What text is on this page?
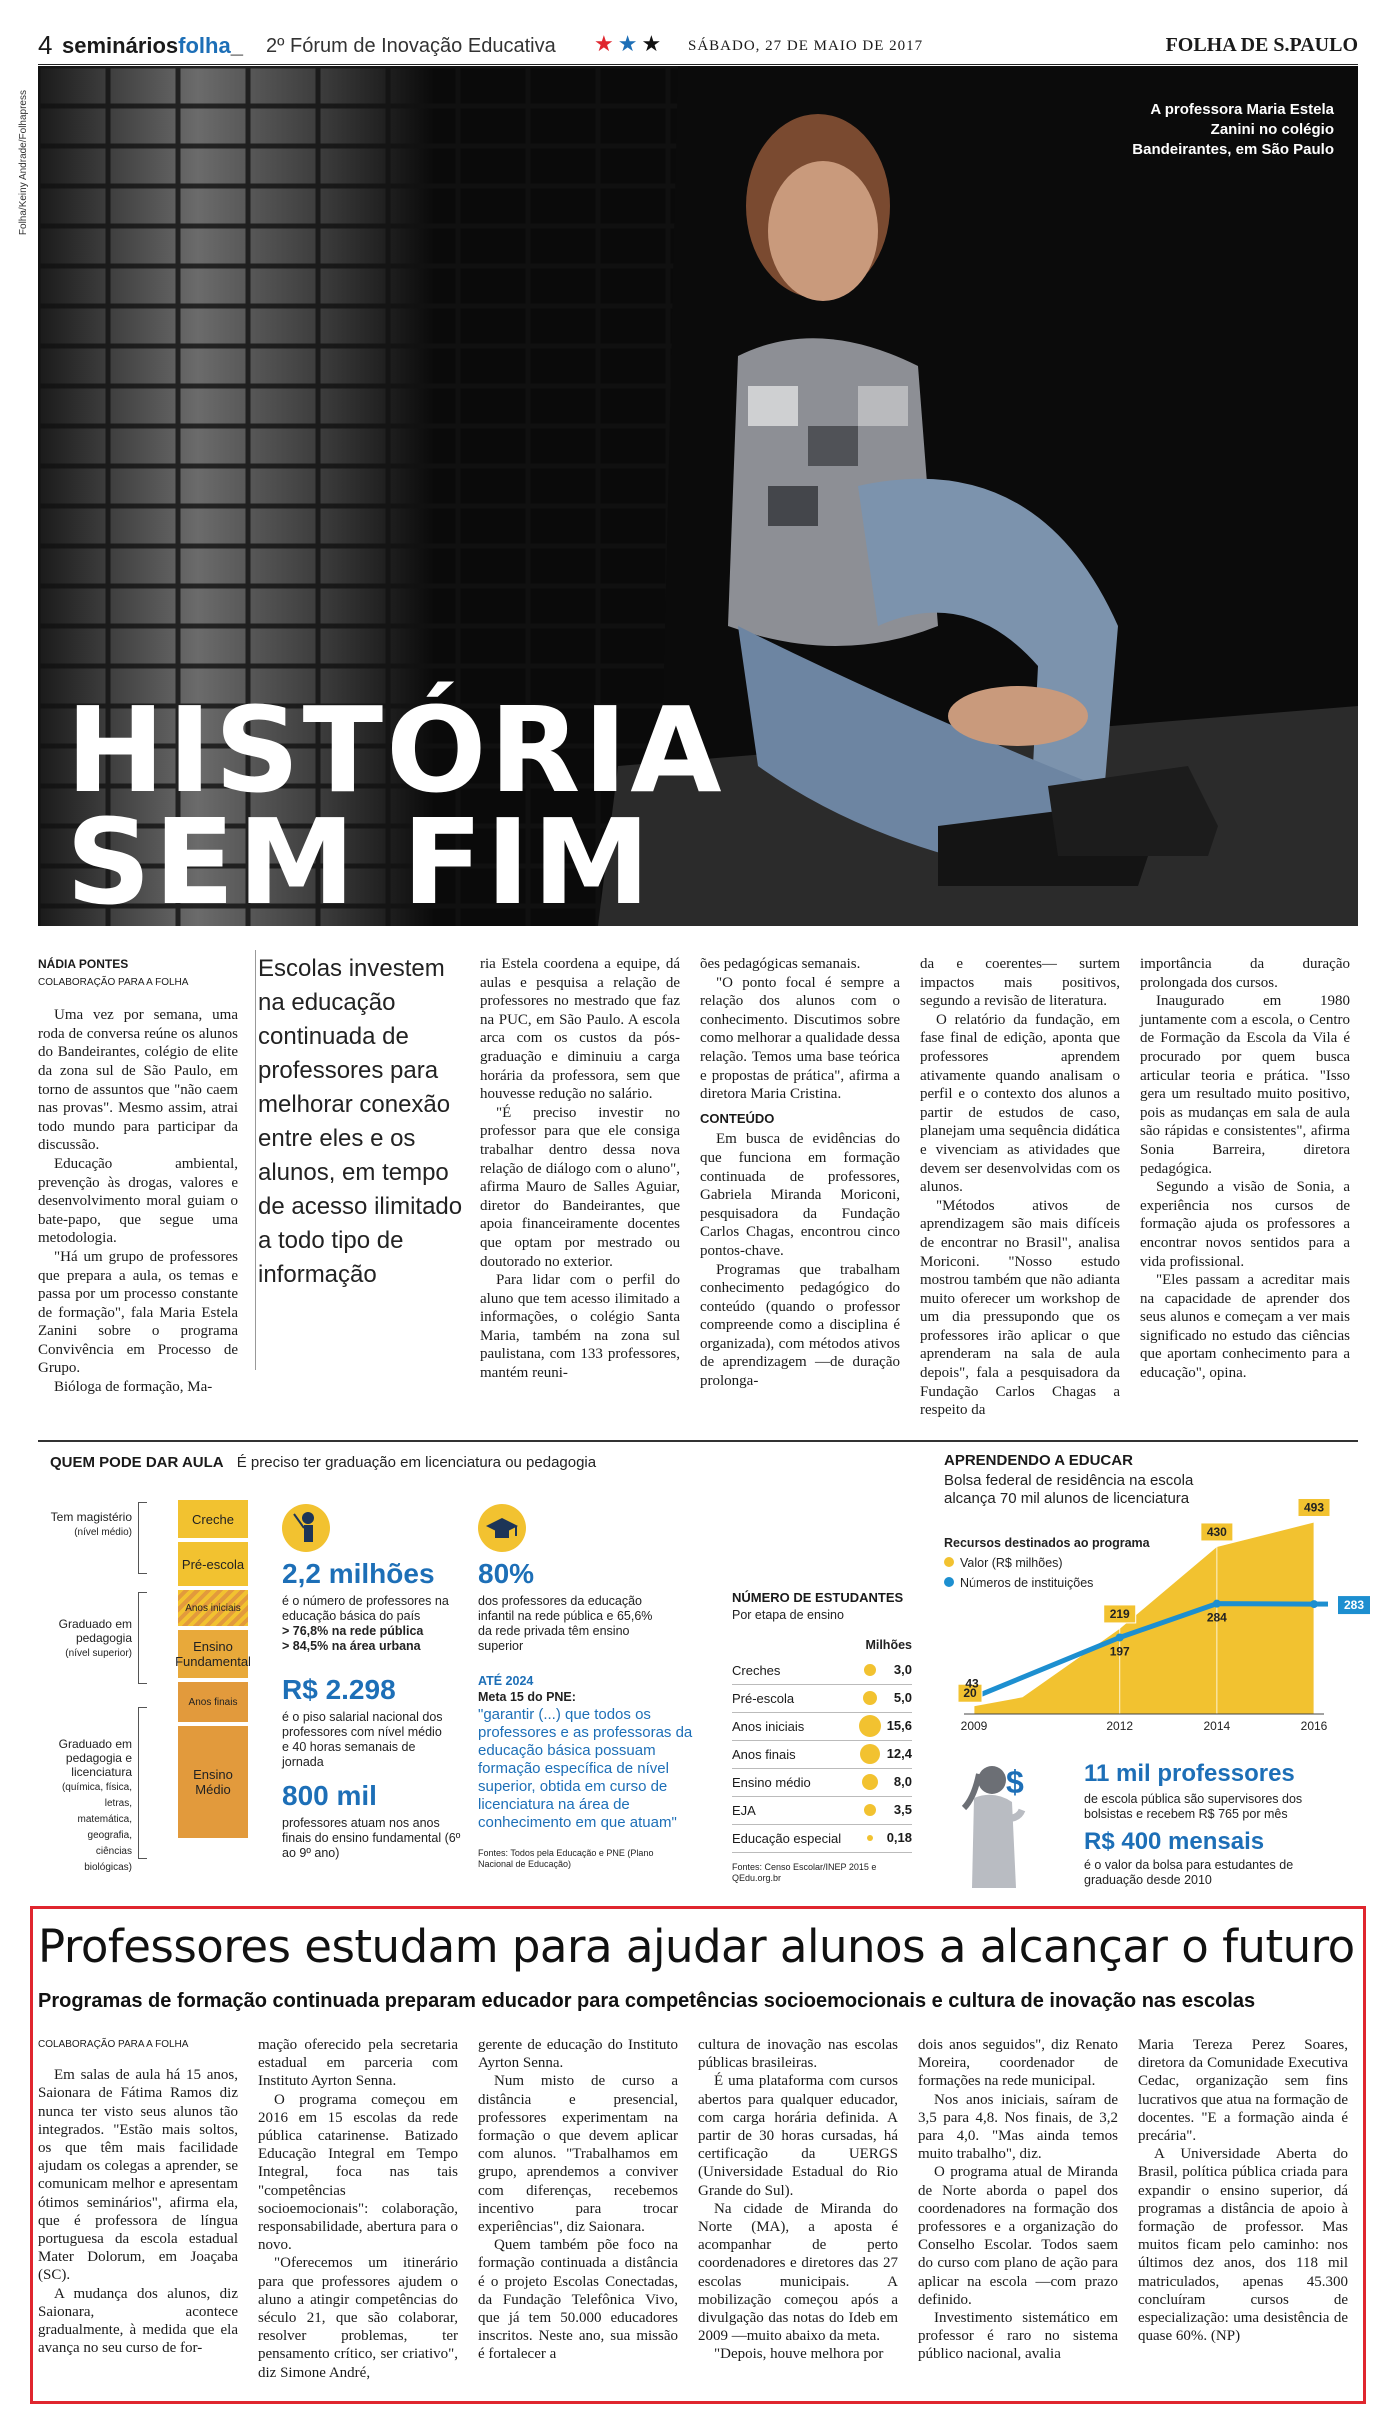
4 semináriosfolha_ 2º Fórum de Inovação Educativa ★★★ SÁBADO, 27 DE MAIO DE 2017	FOLHA DE S.PAULO
Folha/Keiny Andrade/Folhapress	A professora Maria Estela Zanini no colégio Bandeirantes, em São Paulo
HISTÓRIA
SEM FIM
NÁDIA PONTES
COLABORAÇÃO PARA A FOLHA

Uma vez por semana, uma roda de conversa reúne os alunos do Bandeirantes, colégio de elite da zona sul de São Paulo, em torno de assuntos que "não caem nas provas". Mesmo assim, atrai todo mundo para participar da discussão.

Educação ambiental, prevenção às drogas, valores e desenvolvimento moral guiam o bate-papo, que segue uma metodologia.

"Há um grupo de professores que prepara a aula, os temas e passa por um processo constante de formação", fala Maria Estela Zanini sobre o programa Convivência em Processo de Grupo.

Bióloga de formação, Ma-

Escolas investem na educação continuada de professores para melhorar conexão entre eles e os alunos, em tempo de acesso ilimitado a todo tipo de informação

ria Estela coordena a equipe, dá aulas e pesquisa a relação de professores no mestrado que faz na PUC, em São Paulo. A escola arca com os custos da pós-graduação e diminuiu a carga horária da professora, sem que houvesse redução no salário.

"É preciso investir no professor para que ele consiga trabalhar dentro dessa nova relação de diálogo com o aluno", afirma Mauro de Salles Aguiar, diretor do Bandeirantes, que apoia financeiramente docentes que optam por mestrado ou doutorado no exterior.

Para lidar com o perfil do aluno que tem acesso ilimitado a informações, o colégio Santa Maria, também na zona sul paulistana, com 133 professores, mantém reuni-

ões pedagógicas semanais.

"O ponto focal é sempre a relação dos alunos com o conhecimento. Discutimos sobre como melhorar a qualidade dessa relação. Temos uma base teórica e propostas de prática", afirma a diretora Maria Cristina.

CONTEÚDO

Em busca de evidências do que funciona em formação continuada de professores, Gabriela Miranda Moriconi, pesquisadora da Fundação Carlos Chagas, encontrou cinco pontos-chave.

Programas que trabalham conhecimento pedagógico do conteúdo (quando o professor compreende como a disciplina é organizada), com métodos ativos de aprendizagem —de duração prolonga-

da e coerentes— surtem impactos mais positivos, segundo a revisão de literatura.

O relatório da fundação, em fase final de edição, aponta que professores aprendem ativamente quando analisam o perfil e o contexto dos alunos a partir de estudos de caso, planejam uma sequência didática e vivenciam as atividades que devem ser desenvolvidas com os alunos.

"Métodos ativos de aprendizagem são mais difíceis de encontrar no Brasil", analisa Moriconi. "Nosso estudo mostrou também que não adianta muito oferecer um workshop de um dia pressupondo que os professores irão aplicar o que aprenderam na sala de aula depois", fala a pesquisadora da Fundação Carlos Chagas a respeito da

importância da duração prolongada dos cursos.

Inaugurado em 1980 juntamente com a escola, o Centro de Formação da Escola da Vila é procurado por quem busca articular teoria e prática. "Isso gera um resultado muito positivo, pois as mudanças em sala de aula são rápidas e consistentes", afirma Sonia Barreira, diretora pedagógica.

Segundo a visão de Sonia, a experiência nos cursos de formação ajuda os professores a encontrar novos sentidos para a vida profissional.

"Eles passam a acreditar mais na capacidade de aprender dos seus alunos e começam a ver mais significado no estudo das ciências que aportam conhecimento para a educação", opina.

QUEM PODE DAR AULA É preciso ter graduação em licenciatura ou pedagogia
Tem magistério
(nível médio)
Graduado em pedagogia
(nível superior)
Graduado em pedagogia e licenciatura
(química, física, letras, matemática, geografia, ciências biológicas)
Creche
Pré-escola
Anos iniciais
Ensino Fundamental
Anos finais
Ensino Médio
2,2 milhões
é o número de professores na educação básica do país
> 76,8% na rede pública
> 84,5% na área urbana
R$ 2.298
é o piso salarial nacional dos professores com nível médio e 40 horas semanais de jornada
800 mil
professores atuam nos anos finais do ensino fundamental (6º ao 9º ano)
80%
dos professores da educação infantil na rede pública e 65,6% da rede privada têm ensino superior
ATÉ 2024
Meta 15 do PNE:
"garantir (...) que todos os professores e as professoras da educação básica possuam formação específica de nível superior, obtida em curso de licenciatura na área de conhecimento em que atuam"
Fontes: Todos pela Educação e PNE (Plano Nacional de Educação)
NÚMERO DE ESTUDANTES
Por etapa de ensino
Milhões
Creches	3,0
Pré-escola	5,0
Anos iniciais	15,6
Anos finais	12,4
Ensino médio	8,0
EJA	3,5
Educação especial	0,18
Fontes: Censo Escolar/INEP 2015 e QEdu.org.br
APRENDENDO A EDUCAR
Bolsa federal de residência na escola alcança 70 mil alunos de licenciatura
Recursos destinados ao programa
Valor (R$ milhões)
Números de instituições
20
219
430
493
43
197
284
283
2009	2012	2014	2016
$	11 mil professores
de escola pública são supervisores dos bolsistas e recebem R$ 765 por mês
R$ 400 mensais
é o valor da bolsa para estudantes de graduação desde 2010
Professores estudam para ajudar alunos a alcançar o futuro
Programas de formação continuada preparam educador para competências socioemocionais e cultura de inovação nas escolas
COLABORAÇÃO PARA A FOLHA

Em salas de aula há 15 anos, Saionara de Fátima Ramos diz nunca ter visto seus alunos tão integrados. "Estão mais soltos, os que têm mais facilidade ajudam os colegas a aprender, se comunicam melhor e apresentam ótimos seminários", afirma ela, que é professora de língua portuguesa da escola estadual Mater Dolorum, em Joaçaba (SC).

A mudança dos alunos, diz Saionara, acontece gradualmente, à medida que ela avança no seu curso de for-

mação oferecido pela secretaria estadual em parceria com Instituto Ayrton Senna.

O programa começou em 2016 em 15 escolas da rede pública catarinense. Batizado Educação Integral em Tempo Integral, foca nas tais "competências socioemocionais": colaboração, responsabilidade, abertura para o novo.

"Oferecemos um itinerário para que professores ajudem o aluno a atingir competências do século 21, que são colaborar, resolver problemas, ter pensamento crítico, ser criativo", diz Simone André,

gerente de educação do Instituto Ayrton Senna.

Num misto de curso a distância e presencial, professores experimentam na formação o que devem aplicar com alunos. "Trabalhamos em grupo, aprendemos a conviver com diferenças, recebemos incentivo para trocar experiências", diz Saionara.

Quem também põe foco na formação continuada a distância é o projeto Escolas Conectadas, da Fundação Telefônica Vivo, que já tem 50.000 educadores inscritos. Neste ano, sua missão é fortalecer a

cultura de inovação nas escolas públicas brasileiras.

É uma plataforma com cursos abertos para qualquer educador, com carga horária definida. A partir de 30 horas cursadas, há certificação da UERGS (Universidade Estadual do Rio Grande do Sul).

Na cidade de Miranda do Norte (MA), a aposta é acompanhar de perto coordenadores e diretores das 27 escolas municipais. A mobilização começou após a divulgação das notas do Ideb em 2009 —muito abaixo da meta.

"Depois, houve melhora por

dois anos seguidos", diz Renato Moreira, coordenador de formações na rede municipal.

Nos anos iniciais, saíram de 3,5 para 4,8. Nos finais, de 3,2 para 4,0. "Mas ainda temos muito trabalho", diz.

O programa atual de Miranda de Norte aborda o papel dos coordenadores na formação dos professores e a organização do Conselho Escolar. Todos saem do curso com plano de ação para aplicar na escola —com prazo definido.

Investimento sistemático em professor é raro no sistema público nacional, avalia

Maria Tereza Perez Soares, diretora da Comunidade Executiva Cedac, organização sem fins lucrativos que atua na formação de docentes. "E a formação ainda é precária".

A Universidade Aberta do Brasil, política pública criada para expandir o ensino superior, dá programas a distância de apoio à formação de professor. Mas muitos ficam pelo caminho: nos últimos dez anos, dos 118 mil matriculados, apenas 45.300 concluíram cursos de especialização: uma desistência de quase 60%. (NP)
